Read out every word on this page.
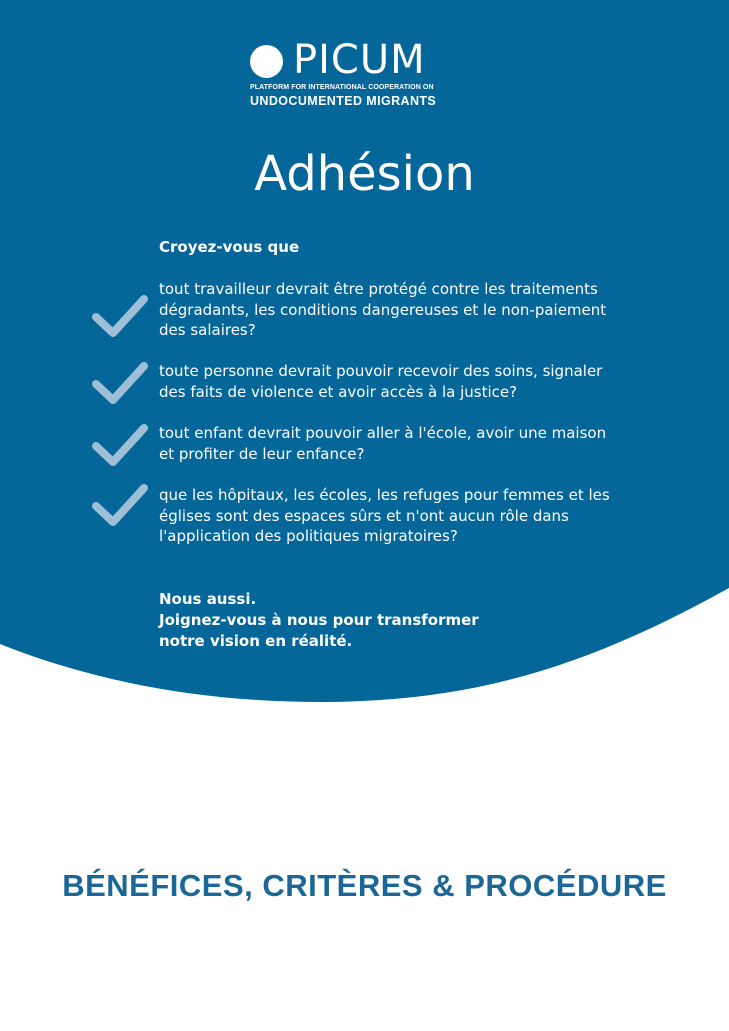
PICUM
PLATFORM FOR INTERNATIONAL COOPERATION ON
UNDOCUMENTED MIGRANTS
Adhésion
Croyez-vous que
tout travailleur devrait être protégé contre les traitements
dégradants, les conditions dangereuses et le non-paiement
des salaires?
toute personne devrait pouvoir recevoir des soins, signaler
des faits de violence et avoir accès à la justice?
tout enfant devrait pouvoir aller à l'école, avoir une maison
et profiter de leur enfance?
que les hôpitaux, les écoles, les refuges pour femmes et les
églises sont des espaces sûrs et n'ont aucun rôle dans
l'application des politiques migratoires?
Nous aussi.
Joignez-vous à nous pour transformer
notre vision en réalité.
BÉNÉFICES, CRITÈRES & PROCÉDURE
